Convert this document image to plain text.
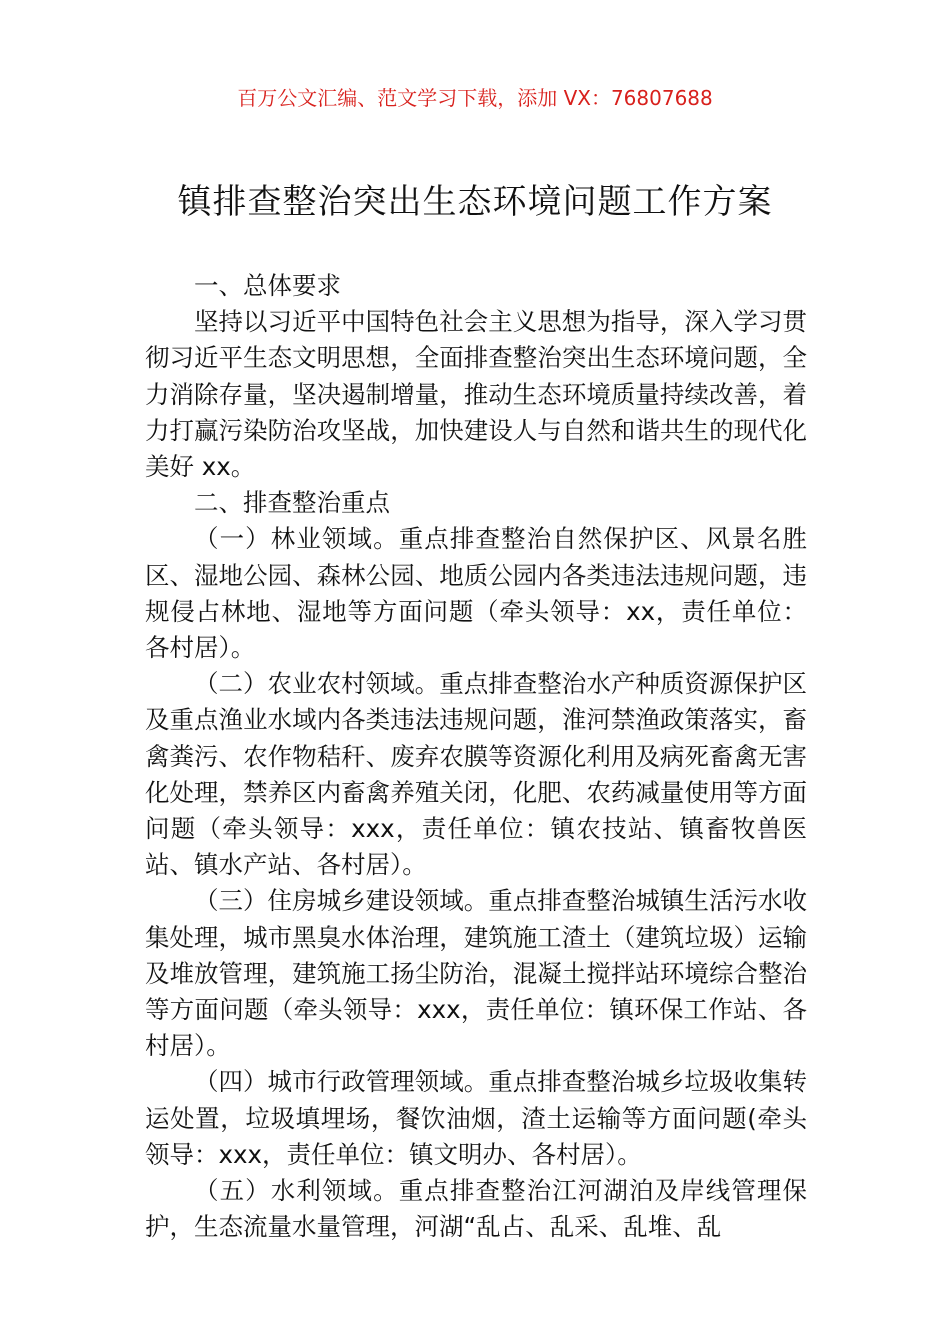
百万公文汇编、范文学习下载，添加 VX：76807688
镇排查整治突出生态环境问题工作方案

一、总体要求

坚持以习近平中国特色社会主义思想为指导，深入学习贯彻习近平生态文明思想，全面排查整治突出生态环境问题，全力消除存量，坚决遏制增量，推动生态环境质量持续改善，着力打赢污染防治攻坚战，加快建设人与自然和谐共生的现代化美好 xx。

二、排查整治重点

（一）林业领域。重点排查整治自然保护区、风景名胜区、湿地公园、森林公园、地质公园内各类违法违规问题，违规侵占林地、湿地等方面问题（牵头领导：xx，责任单位：各村居）。

（二）农业农村领域。重点排查整治水产种质资源保护区及重点渔业水域内各类违法违规问题，淮河禁渔政策落实，畜禽粪污、农作物秸秆、废弃农膜等资源化利用及病死畜禽无害化处理，禁养区内畜禽养殖关闭，化肥、农药减量使用等方面问题（牵头领导：xxx，责任单位：镇农技站、镇畜牧兽医站、镇水产站、各村居）。

（三）住房城乡建设领域。重点排查整治城镇生活污水收集处理，城市黑臭水体治理，建筑施工渣土（建筑垃圾）运输及堆放管理，建筑施工扬尘防治，混凝土搅拌站环境综合整治等方面问题（牵头领导：xxx，责任单位：镇环保工作站、各村居）。

（四）城市行政管理领域。重点排查整治城乡垃圾收集转运处置，垃圾填埋场，餐饮油烟，渣土运输等方面问题(牵头领导：xxx，责任单位：镇文明办、各村居）。

（五）水利领域。重点排查整治江河湖泊及岸线管理保护，生态流量水量管理，河湖“乱占、乱采、乱堆、乱
